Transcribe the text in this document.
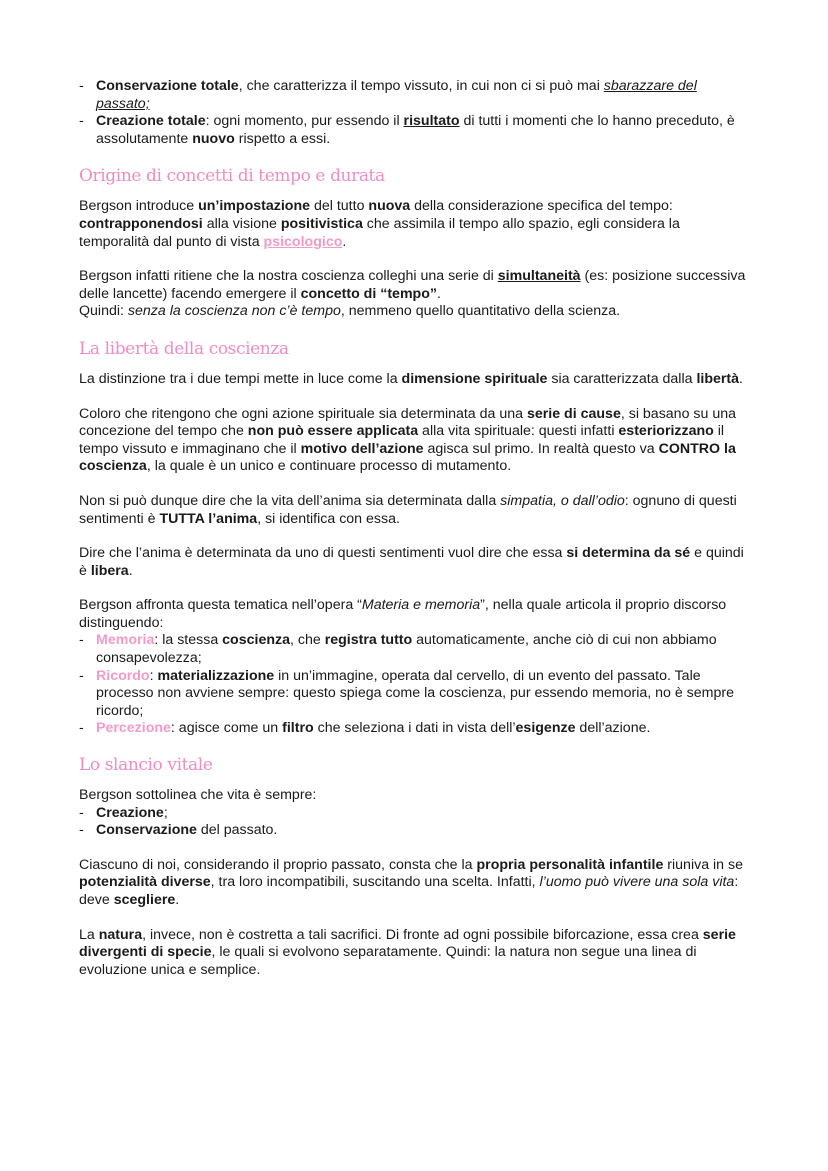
- Conservazione totale, che caratterizza il tempo vissuto, in cui non ci si può mai sbarazzare del passato;
- Creazione totale: ogni momento, pur essendo il risultato di tutti i momenti che lo hanno preceduto, è assolutamente nuovo rispetto a essi.
Origine di concetti di tempo e durata

Bergson introduce un’impostazione del tutto nuova della considerazione specifica del tempo: contrapponendosi alla visione positivistica che assimila il tempo allo spazio, egli considera la temporalità dal punto di vista psicologico.

Bergson infatti ritiene che la nostra coscienza colleghi una serie di simultaneità (es: posizione successiva delle lancette) facendo emergere il concetto di “tempo”.

Quindi: senza la coscienza non c’è tempo, nemmeno quello quantitativo della scienza.

La libertà della coscienza

La distinzione tra i due tempi mette in luce come la dimensione spirituale sia caratterizzata dalla libertà.

Coloro che ritengono che ogni azione spirituale sia determinata da una serie di cause, si basano su una concezione del tempo che non può essere applicata alla vita spirituale: questi infatti esteriorizzano il tempo vissuto e immaginano che il motivo dell’azione agisca sul primo. In realtà questo va CONTRO la coscienza, la quale è un unico e continuare processo di mutamento.

Non si può dunque dire che la vita dell’anima sia determinata dalla simpatia, o dall’odio: ognuno di questi sentimenti è TUTTA l’anima, si identifica con essa.

Dire che l’anima è determinata da uno di questi sentimenti vuol dire che essa si determina da sé e quindi è libera.

Bergson affronta questa tematica nell’opera “Materia e memoria”, nella quale articola il proprio discorso distinguendo:

- Memoria: la stessa coscienza, che registra tutto automaticamente, anche ciò di cui non abbiamo consapevolezza;
- Ricordo: materializzazione in un’immagine, operata dal cervello, di un evento del passato. Tale processo non avviene sempre: questo spiega come la coscienza, pur essendo memoria, no è sempre ricordo;
- Percezione: agisce come un filtro che seleziona i dati in vista dell’esigenze dell’azione.
Lo slancio vitale

Bergson sottolinea che vita è sempre:

- Creazione;
- Conservazione del passato.

Ciascuno di noi, considerando il proprio passato, consta che la propria personalità infantile riuniva in se potenzialità diverse, tra loro incompatibili, suscitando una scelta. Infatti, l’uomo può vivere una sola vita: deve scegliere.

La natura, invece, non è costretta a tali sacrifici. Di fronte ad ogni possibile biforcazione, essa crea serie divergenti di specie, le quali si evolvono separatamente. Quindi: la natura non segue una linea di evoluzione unica e semplice.
